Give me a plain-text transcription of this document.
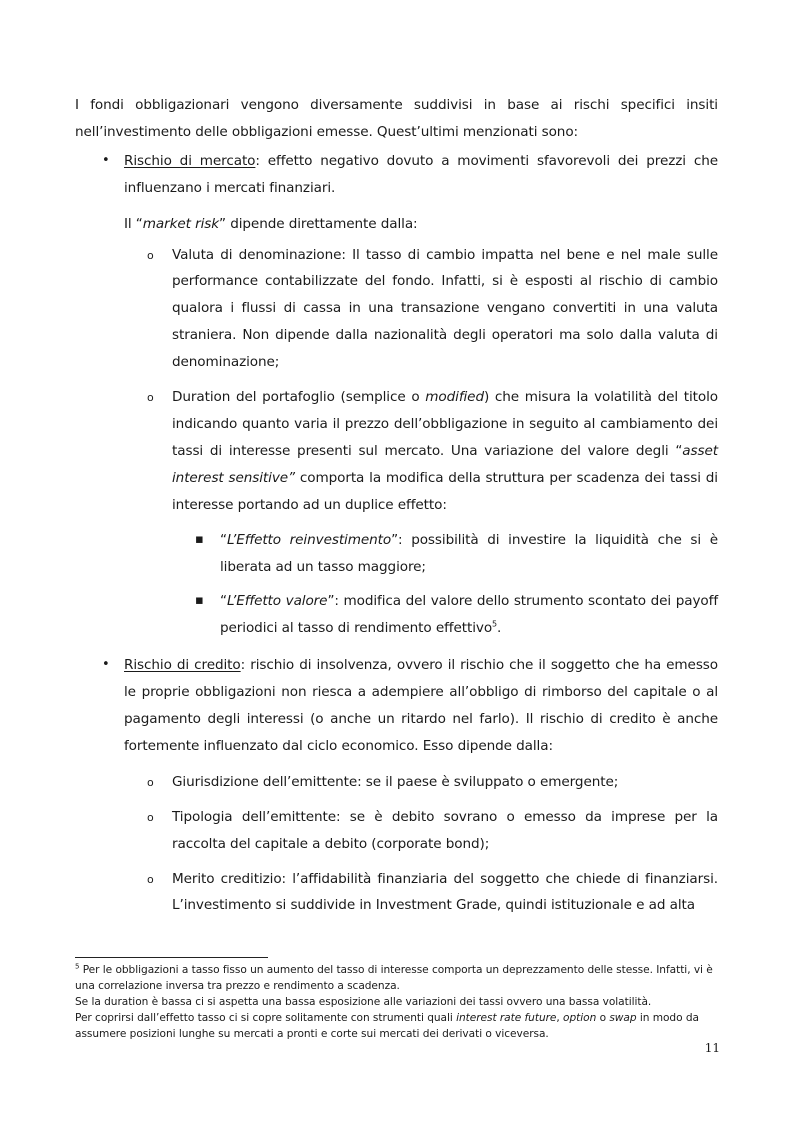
I fondi obbligazionari vengono diversamente suddivisi in base ai rischi specifici insiti nell’investimento delle obbligazioni emesse. Quest’ultimi menzionati sono:

• Rischio di mercato: effetto negativo dovuto a movimenti sfavorevoli dei prezzi che influenzano i mercati finanziari.

Il “market risk” dipende direttamente dalla:

o Valuta di denominazione: Il tasso di cambio impatta nel bene e nel male sulle performance contabilizzate del fondo. Infatti, si è esposti al rischio di cambio qualora i flussi di cassa in una transazione vengano convertiti in una valuta straniera. Non dipende dalla nazionalità degli operatori ma solo dalla valuta di denominazione;
o Duration del portafoglio (semplice o modified) che misura la volatilità del titolo indicando quanto varia il prezzo dell’obbligazione in seguito al cambiamento dei tassi di interesse presenti sul mercato. Una variazione del valore degli “asset interest sensitive” comporta la modifica della struttura per scadenza dei tassi di interesse portando ad un duplice effetto:
▪ “L’Effetto reinvestimento”: possibilità di investire la liquidità che si è liberata ad un tasso maggiore;
▪ “L’Effetto valore”: modifica del valore dello strumento scontato dei payoff periodici al tasso di rendimento effettivo$^5$.
• Rischio di credito: rischio di insolvenza, ovvero il rischio che il soggetto che ha emesso le proprie obbligazioni non riesca a adempiere all’obbligo di rimborso del capitale o al pagamento degli interessi (o anche un ritardo nel farlo). Il rischio di credito è anche fortemente influenzato dal ciclo economico. Esso dipende dalla:
o Giurisdizione dell’emittente: se il paese è sviluppato o emergente;
o Tipologia dell’emittente: se è debito sovrano o emesso da imprese per la raccolta del capitale a debito (corporate bond);
o Merito creditizio: l’affidabilità finanziaria del soggetto che chiede di finanziarsi. L’investimento si suddivide in Investment Grade, quindi istituzionale e ad alta

$^5$ Per le obbligazioni a tasso fisso un aumento del tasso di interesse comporta un deprezzamento delle stesse. Infatti, vi è una correlazione inversa tra prezzo e rendimento a scadenza.

Se la duration è bassa ci si aspetta una bassa esposizione alle variazioni dei tassi ovvero una bassa volatilità.

Per coprirsi dall’effetto tasso ci si copre solitamente con strumenti quali interest rate future, option o swap in modo da assumere posizioni lunghe su mercati a pronti e corte sui mercati dei derivati o viceversa.

11
